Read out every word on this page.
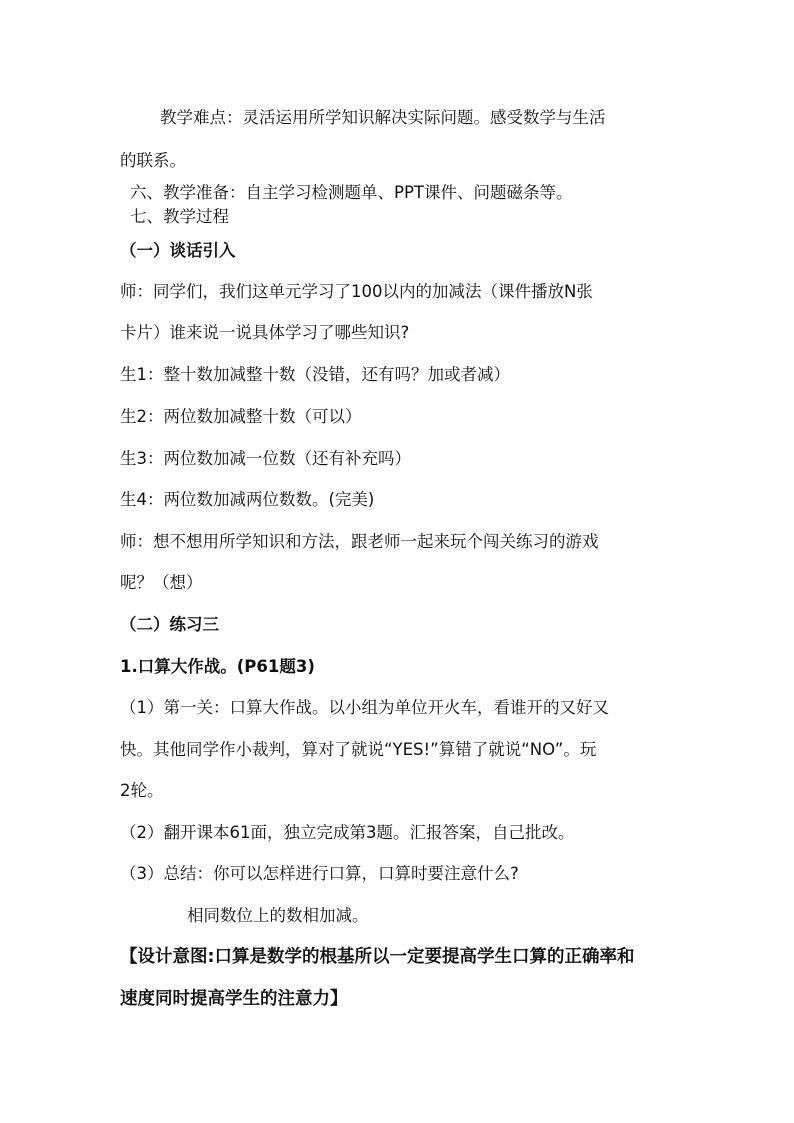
教学难点：灵活运用所学知识解决实际问题。感受数学与生活
的联系。
六、教学准备：自主学习检测题单、PPT课件、问题磁条等。
七、教学过程
（一）谈话引入
师：同学们，我们这单元学习了100以内的加减法（课件播放N张
卡片）谁来说一说具体学习了哪些知识?
生1：整十数加减整十数（没错，还有吗？加或者减）
生2：两位数加减整十数（可以）
生3：两位数加减一位数（还有补充吗）
生4：两位数加减两位数数。(完美)
师：想不想用所学知识和方法，跟老师一起来玩个闯关练习的游戏
呢？（想）
（二）练习三
1.口算大作战。(P61题3)
（1）第一关：口算大作战。以小组为单位开火车，看谁开的又好又
快。其他同学作小裁判，算对了就说“YES!”算错了就说“NO”。玩
2轮。
（2）翻开课本61面，独立完成第3题。汇报答案，自己批改。
（3）总结：你可以怎样进行口算，口算时要注意什么?
相同数位上的数相加减。
【设计意图:口算是数学的根基所以一定要提高学生口算的正确率和
速度同时提高学生的注意力】
